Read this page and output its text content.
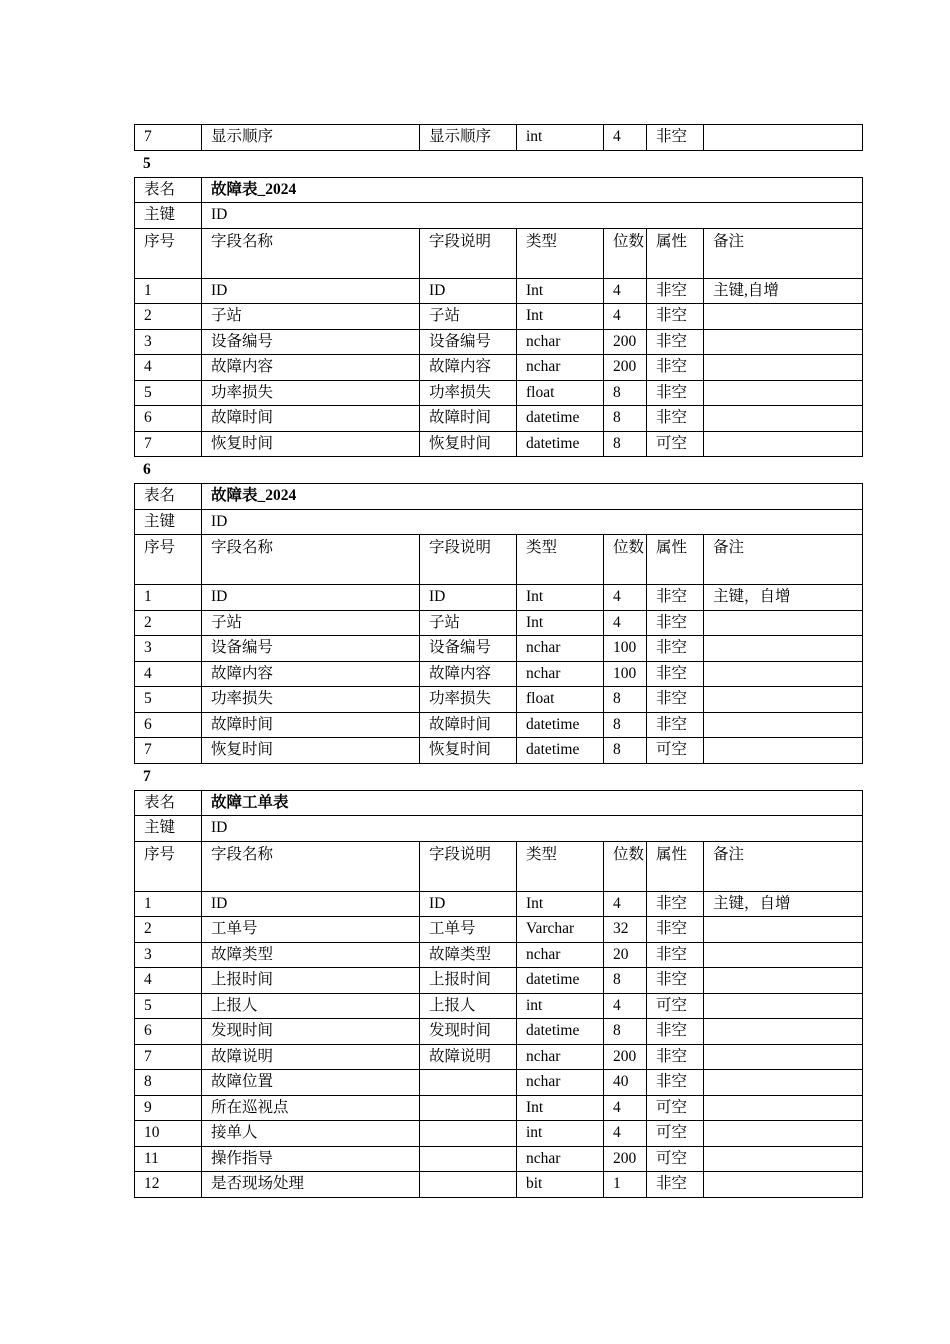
7	显示顺序	显示顺序	int	4	非空	
5
表名	故障表_2024					
主键	ID					
序号	字段名称	字段说明	类型	位数	属性	备注
1	ID	ID	Int	4	非空	主键,自增
2	子站	子站	Int	4	非空	
3	设备编号	设备编号	nchar	200	非空	
4	故障内容	故障内容	nchar	200	非空	
5	功率损失	功率损失	float	8	非空	
6	故障时间	故障时间	datetime	8	非空	
7	恢复时间	恢复时间	datetime	8	可空	
6
表名	故障表_2024					
主键	ID					
序号	字段名称	字段说明	类型	位数	属性	备注
1	ID	ID	Int	4	非空	主键，自增
2	子站	子站	Int	4	非空	
3	设备编号	设备编号	nchar	100	非空	
4	故障内容	故障内容	nchar	100	非空	
5	功率损失	功率损失	float	8	非空	
6	故障时间	故障时间	datetime	8	非空	
7	恢复时间	恢复时间	datetime	8	可空	
7
表名	故障工单表					
主键	ID					
序号	字段名称	字段说明	类型	位数	属性	备注
1	ID	ID	Int	4	非空	主键，自增
2	工单号	工单号	Varchar	32	非空	
3	故障类型	故障类型	nchar	20	非空	
4	上报时间	上报时间	datetime	8	非空	
5	上报人	上报人	int	4	可空	
6	发现时间	发现时间	datetime	8	非空	
7	故障说明	故障说明	nchar	200	非空	
8	故障位置		nchar	40	非空	
9	所在巡视点		Int	4	可空	
10	接单人		int	4	可空	
11	操作指导		nchar	200	可空	
12	是否现场处理		bit	1	非空	
